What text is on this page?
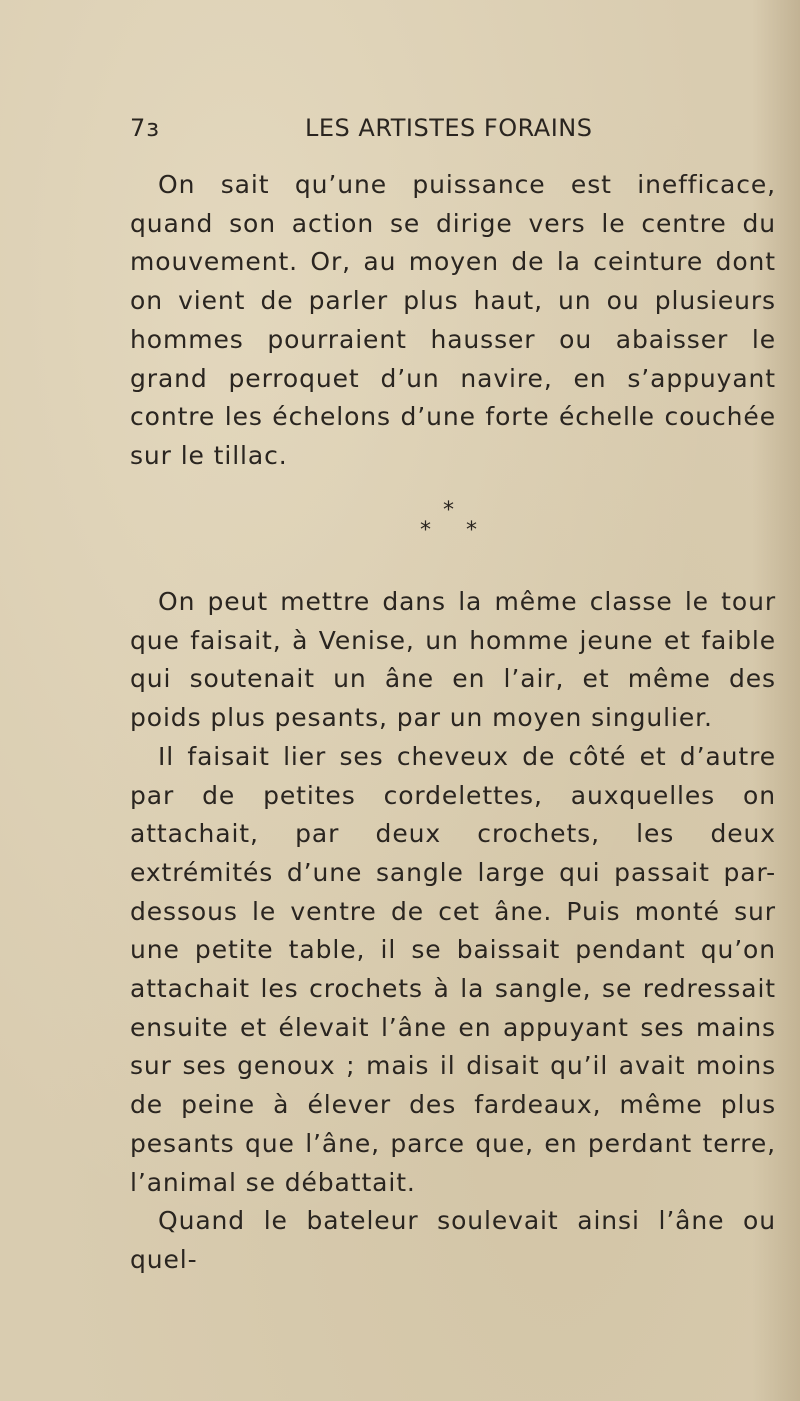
7ɜ	LES ARTISTES FORAINS

On sait qu’une puissance est inefficace, quand son action se dirige vers le centre du mouvement. Or, au moyen de la ceinture dont on vient de parler plus haut, un ou plusieurs hommes pourraient hausser ou abaisser le grand perroquet d’un navire, en s’appuyant contre les échelons d’une forte échelle couchée sur le tillac.

*
* *

On peut mettre dans la même classe le tour que faisait, à Venise, un homme jeune et faible qui soutenait un âne en l’air, et même des poids plus pesants, par un moyen singulier.

Il faisait lier ses cheveux de côté et d’autre par de petites cordelettes, auxquelles on attachait, par deux crochets, les deux extrémités d’une sangle large qui passait par-dessous le ventre de cet âne. Puis monté sur une petite table, il se baissait pendant qu’on attachait les crochets à la sangle, se redressait ensuite et élevait l’âne en appuyant ses mains sur ses genoux ; mais il disait qu’il avait moins de peine à élever des fardeaux, même plus pesants que l’âne, parce que, en perdant terre, l’animal se débattait.

Quand le bateleur soulevait ainsi l’âne ou quel-
